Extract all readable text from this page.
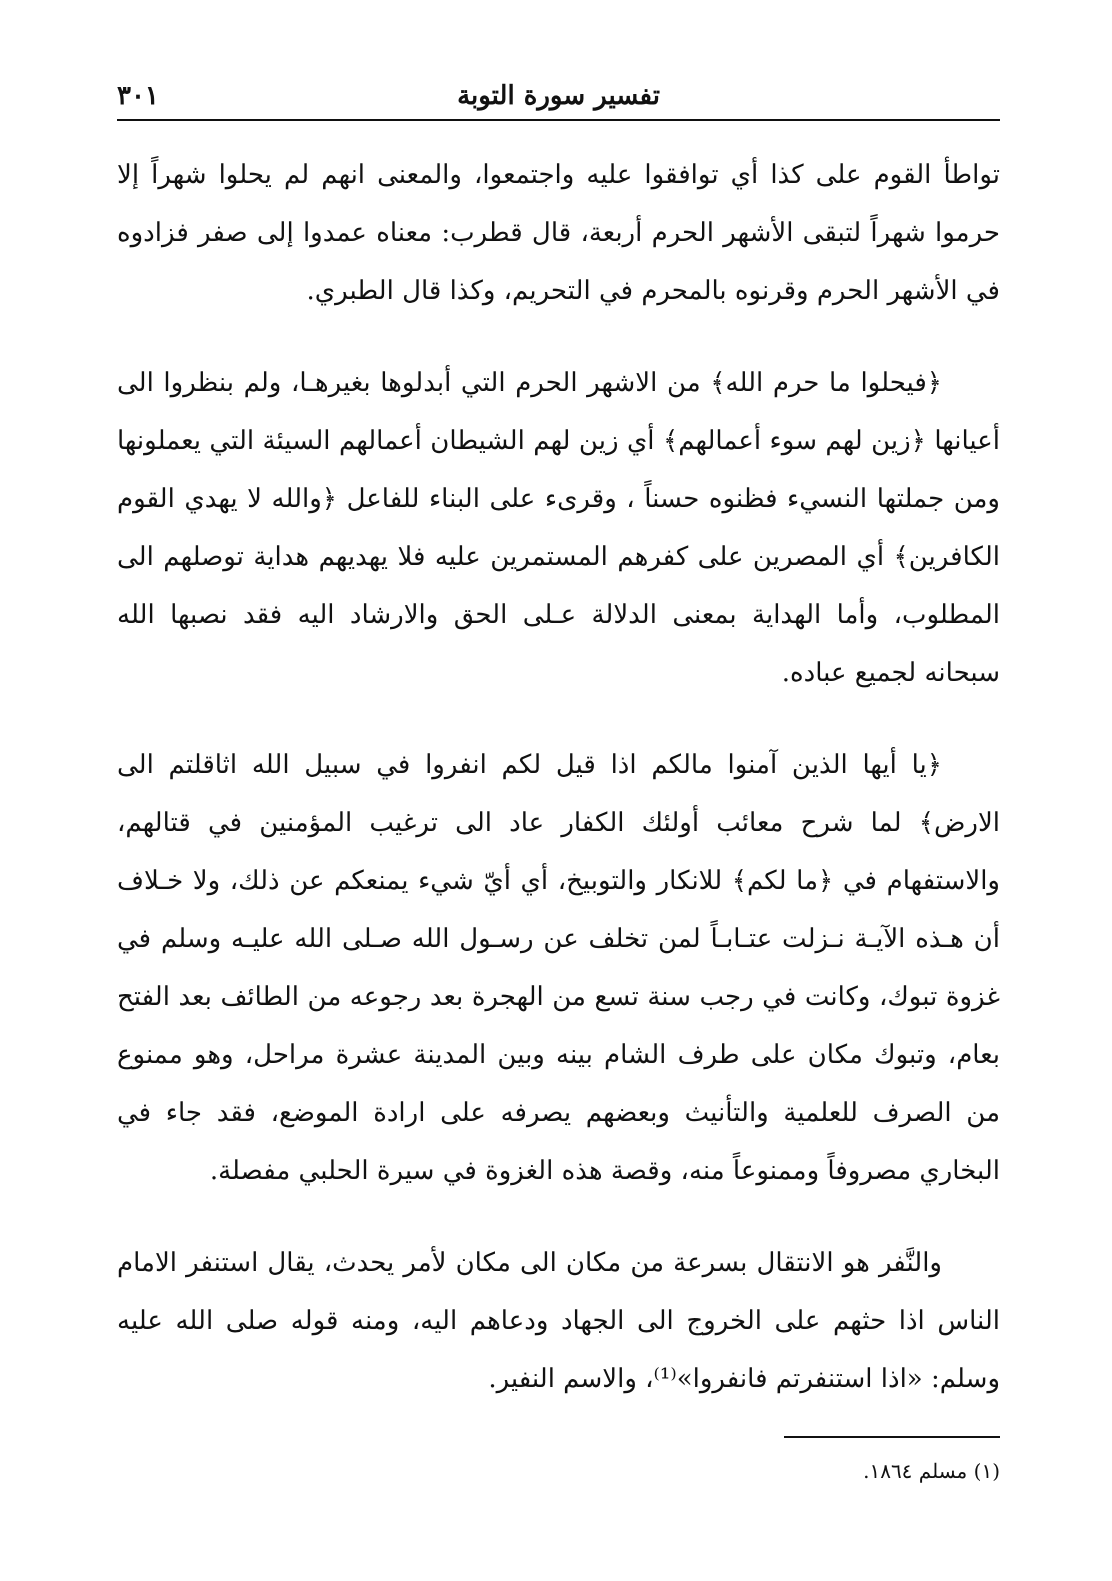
تفسير سورة التوبة
٣٠١

تواطأ القوم على كذا أي توافقوا عليه واجتمعوا، والمعنى انهم لم يحلوا شهراً إلا حرموا شهراً لتبقى الأشهر الحرم أربعة، قال قطرب: معناه عمدوا إلى صفر فزادوه في الأشهر الحرم وقرنوه بالمحرم في التحريم، وكذا قال الطبري.

﴿فيحلوا ما حرم الله﴾ من الاشهر الحرم التي أبدلوها بغيرهـا، ولم بنظروا الى أعيانها ﴿زين لهم سوء أعمالهم﴾ أي زين لهم الشيطان أعمالهم السيئة التي يعملونها ومن جملتها النسيء فظنوه حسناً ، وقرىء على البناء للفاعل ﴿والله لا يهدي القوم الكافرين﴾ أي المصرين على كفرهم المستمرين عليه فلا يهديهم هداية توصلهم الى المطلوب، وأما الهداية بمعنى الدلالة عـلى الحق والارشاد اليه فقد نصبها الله سبحانه لجميع عباده.

﴿يا أيها الذين آمنوا مالكم اذا قيل لكم انفروا في سبيل الله اثاقلتم الى الارض﴾ لما شرح معائب أولئك الكفار عاد الى ترغيب المؤمنين في قتالهم، والاستفهام في ﴿ما لكم﴾ للانكار والتوبيخ، أي أيّ شيء يمنعكم عن ذلك، ولا خـلاف أن هـذه الآيـة نـزلت عتـابـاً لمن تخلف عن رسـول الله صـلى الله عليـه وسلم في غزوة تبوك، وكانت في رجب سنة تسع من الهجرة بعد رجوعه من الطائف بعد الفتح بعام، وتبوك مكان على طرف الشام بينه وبين المدينة عشرة مراحل، وهو ممنوع من الصرف للعلمية والتأنيث وبعضهم يصرفه على ارادة الموضع، فقد جاء في البخاري مصروفاً وممنوعاً منه، وقصة هذه الغزوة في سيرة الحلبي مفصلة.

والنَّفر هو الانتقال بسرعة من مكان الى مكان لأمر يحدث، يقال استنفر الامام الناس اذا حثهم على الخروج الى الجهاد ودعاهم اليه، ومنه قوله صلى الله عليه وسلم: «اذا استنفرتم فانفروا»⁽¹⁾، والاسم النفير.

(١) مسلم ١٨٦٤.
